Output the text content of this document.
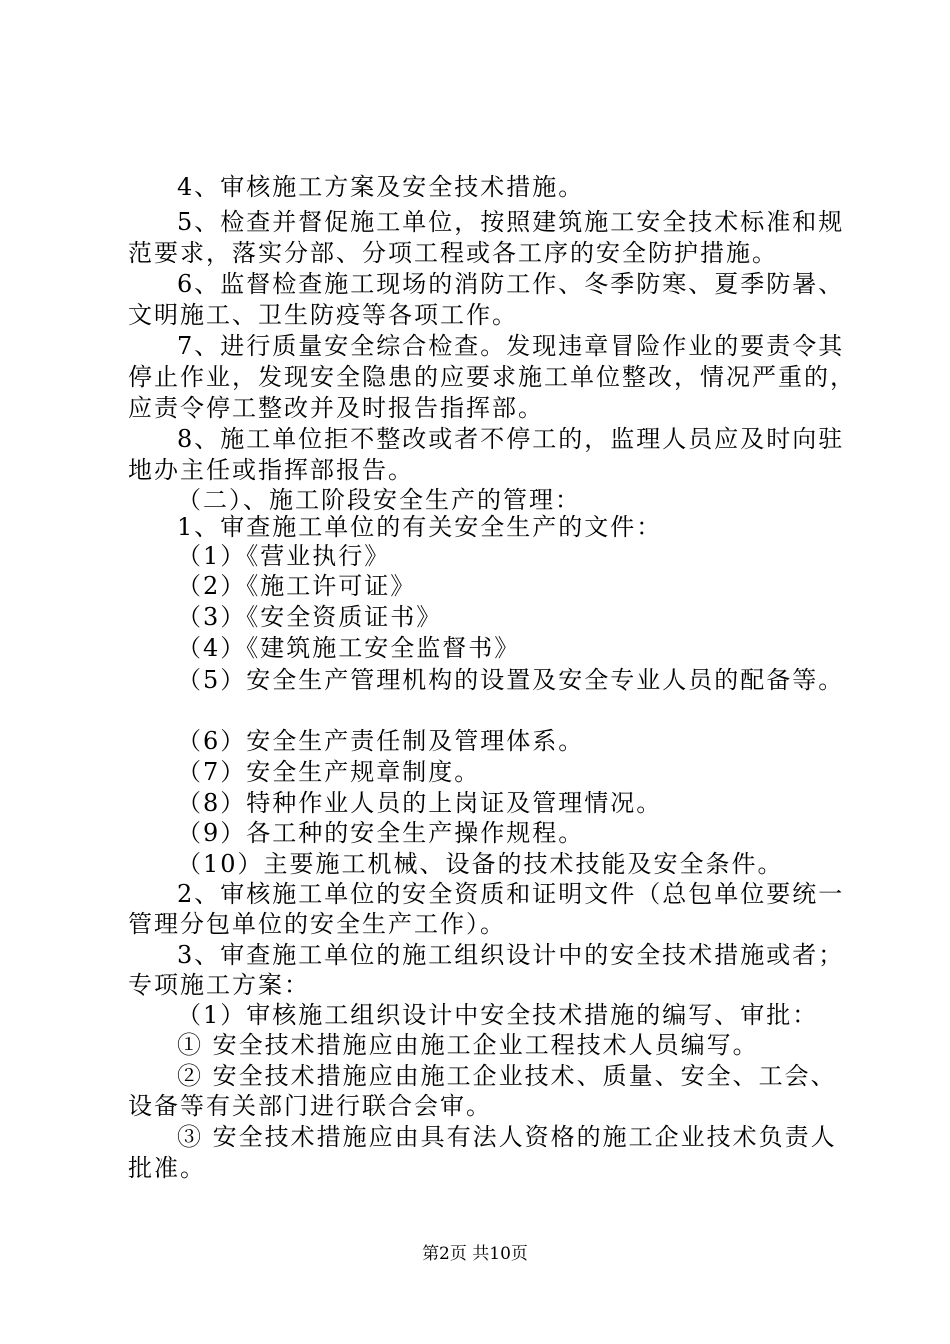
4、审核施工方案及安全技术措施。
5、检查并督促施工单位，按照建筑施工安全技术标准和规
范要求，落实分部、分项工程或各工序的安全防护措施。
6、监督检查施工现场的消防工作、冬季防寒、夏季防暑、
文明施工、卫生防疫等各项工作。
7、进行质量安全综合检查。发现违章冒险作业的要责令其
停止作业，发现安全隐患的应要求施工单位整改，情况严重的，
应责令停工整改并及时报告指挥部。
8、施工单位拒不整改或者不停工的，监理人员应及时向驻
地办主任或指挥部报告。
（二）、施工阶段安全生产的管理：
1、审查施工单位的有关安全生产的文件：
（1）《营业执行》
（2）《施工许可证》
（3）《安全资质证书》
（4）《建筑施工安全监督书》
（5）安全生产管理机构的设置及安全专业人员的配备等。
（6）安全生产责任制及管理体系。
（7）安全生产规章制度。
（8）特种作业人员的上岗证及管理情况。
（9）各工种的安全生产操作规程。
（10）主要施工机械、设备的技术技能及安全条件。
2、审核施工单位的安全资质和证明文件（总包单位要统一
管理分包单位的安全生产工作）。
3、审查施工单位的施工组织设计中的安全技术措施或者；
专项施工方案：
（1）审核施工组织设计中安全技术措施的编写、审批：
① 安全技术措施应由施工企业工程技术人员编写。
② 安全技术措施应由施工企业技术、质量、安全、工会、
设备等有关部门进行联合会审。
③ 安全技术措施应由具有法人资格的施工企业技术负责人
批准。
第2页 共10页
